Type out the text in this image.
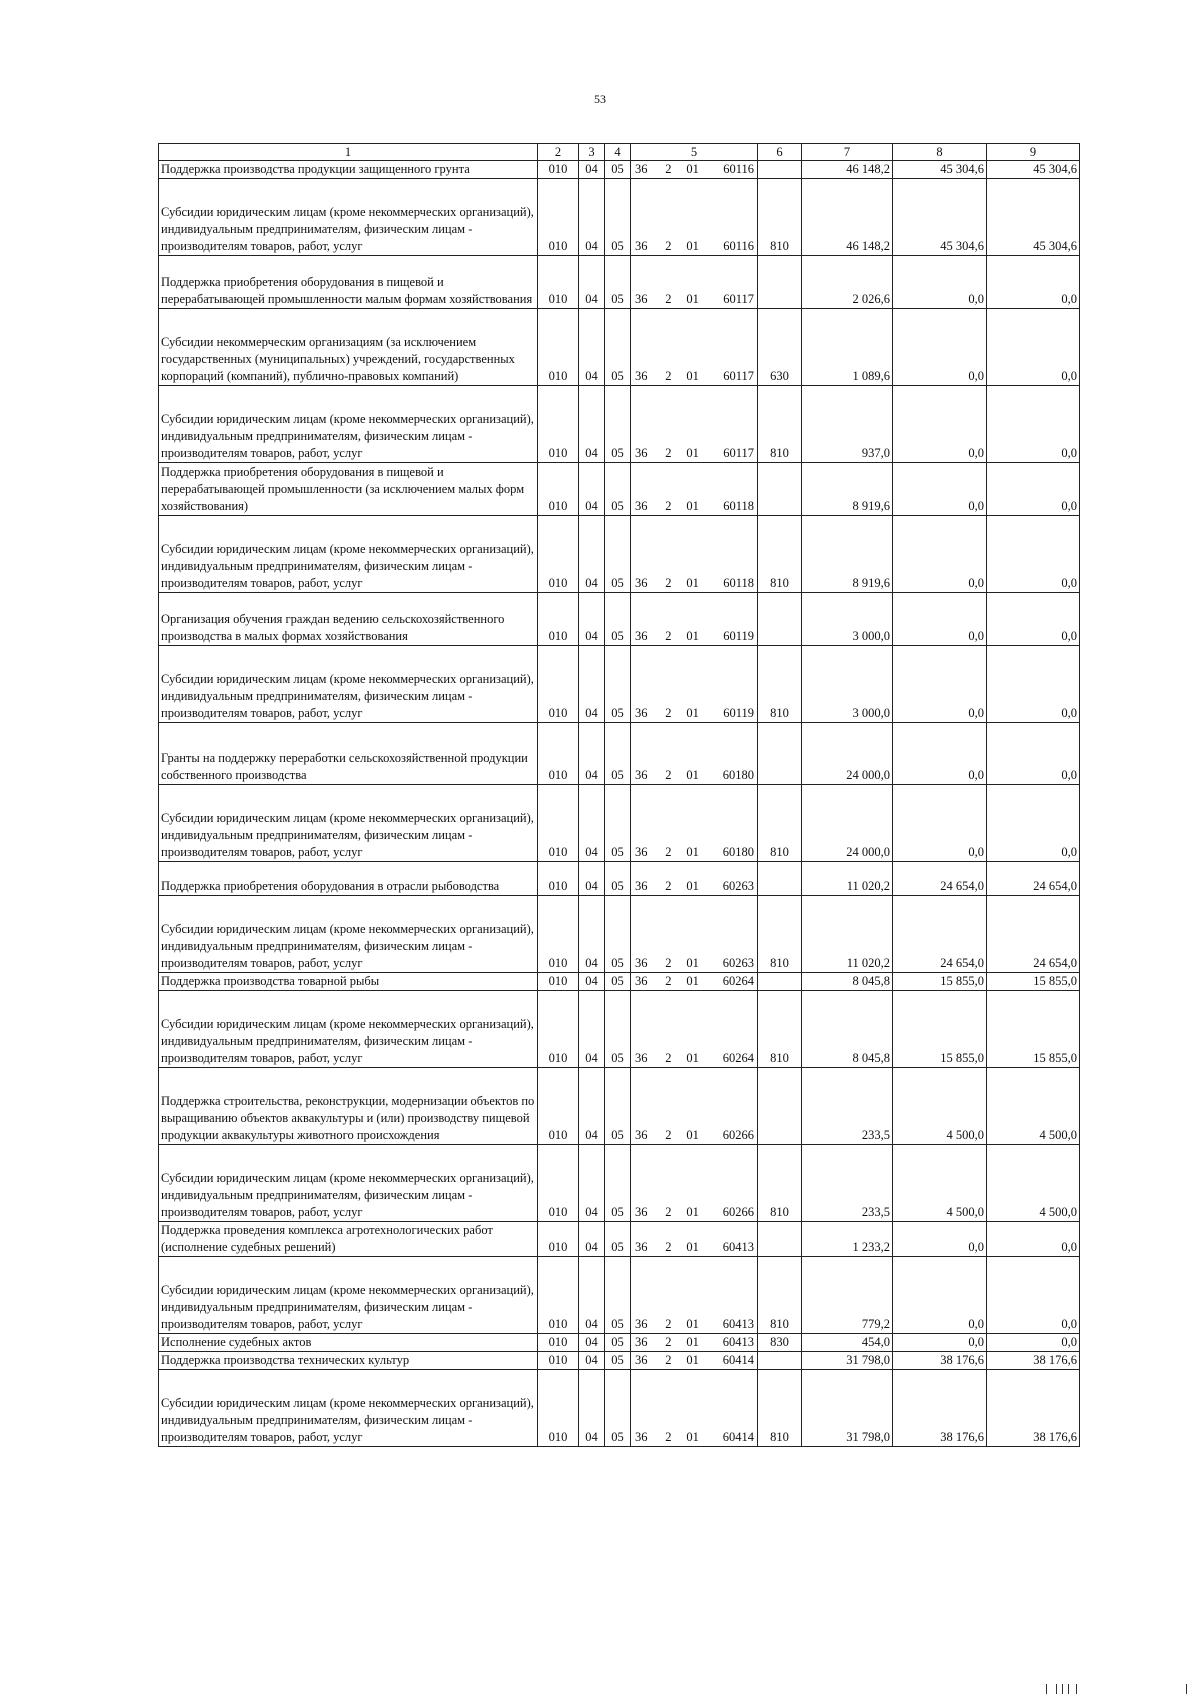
53
1	2	3	4	5	6	7	8	9
Поддержка производства продукции защищенного грунта	010	04	05	36 2 01 60116		46 148,2	45 304,6	45 304,6
Субсидии юридическим лицам (кроме некоммерческих организаций), индивидуальным предпринимателям, физическим лицам - производителям товаров, работ, услуг	010	04	05	36 2 01 60116	810	46 148,2	45 304,6	45 304,6
Поддержка приобретения оборудования в пищевой и перерабатывающей промышленности малым формам хозяйствования	010	04	05	36 2 01 60117		2 026,6	0,0	0,0
Субсидии некоммерческим организациям (за исключением государственных (муниципальных) учреждений, государственных корпораций (компаний), публично-правовых компаний)	010	04	05	36 2 01 60117	630	1 089,6	0,0	0,0
Субсидии юридическим лицам (кроме некоммерческих организаций), индивидуальным предпринимателям, физическим лицам - производителям товаров, работ, услуг	010	04	05	36 2 01 60117	810	937,0	0,0	0,0
Поддержка приобретения оборудования в пищевой и перерабатывающей промышленности (за исключением малых форм хозяйствования)	010	04	05	36 2 01 60118		8 919,6	0,0	0,0
Субсидии юридическим лицам (кроме некоммерческих организаций), индивидуальным предпринимателям, физическим лицам - производителям товаров, работ, услуг	010	04	05	36 2 01 60118	810	8 919,6	0,0	0,0
Организация обучения граждан ведению сельскохозяйственного производства в малых формах хозяйствования	010	04	05	36 2 01 60119		3 000,0	0,0	0,0
Субсидии юридическим лицам (кроме некоммерческих организаций), индивидуальным предпринимателям, физическим лицам - производителям товаров, работ, услуг	010	04	05	36 2 01 60119	810	3 000,0	0,0	0,0
Гранты на поддержку переработки сельскохозяйственной продукции собственного производства	010	04	05	36 2 01 60180		24 000,0	0,0	0,0
Субсидии юридическим лицам (кроме некоммерческих организаций), индивидуальным предпринимателям, физическим лицам - производителям товаров, работ, услуг	010	04	05	36 2 01 60180	810	24 000,0	0,0	0,0
Поддержка приобретения оборудования в отрасли рыбоводства	010	04	05	36 2 01 60263		11 020,2	24 654,0	24 654,0
Субсидии юридическим лицам (кроме некоммерческих организаций), индивидуальным предпринимателям, физическим лицам - производителям товаров, работ, услуг	010	04	05	36 2 01 60263	810	11 020,2	24 654,0	24 654,0
Поддержка производства товарной рыбы	010	04	05	36 2 01 60264		8 045,8	15 855,0	15 855,0
Субсидии юридическим лицам (кроме некоммерческих организаций), индивидуальным предпринимателям, физическим лицам - производителям товаров, работ, услуг	010	04	05	36 2 01 60264	810	8 045,8	15 855,0	15 855,0
Поддержка строительства, реконструкции, модернизации объектов по выращиванию объектов аквакультуры и (или) производству пищевой продукции аквакультуры животного происхождения	010	04	05	36 2 01 60266		233,5	4 500,0	4 500,0
Субсидии юридическим лицам (кроме некоммерческих организаций), индивидуальным предпринимателям, физическим лицам - производителям товаров, работ, услуг	010	04	05	36 2 01 60266	810	233,5	4 500,0	4 500,0
Поддержка проведения комплекса агротехнологических работ (исполнение судебных решений)	010	04	05	36 2 01 60413		1 233,2	0,0	0,0
Субсидии юридическим лицам (кроме некоммерческих организаций), индивидуальным предпринимателям, физическим лицам - производителям товаров, работ, услуг	010	04	05	36 2 01 60413	810	779,2	0,0	0,0
Исполнение судебных актов	010	04	05	36 2 01 60413	830	454,0	0,0	0,0
Поддержка производства технических культур	010	04	05	36 2 01 60414		31 798,0	38 176,6	38 176,6
Субсидии юридическим лицам (кроме некоммерческих организаций), индивидуальным предпринимателям, физическим лицам - производителям товаров, работ, услуг	010	04	05	36 2 01 60414	810	31 798,0	38 176,6	38 176,6
